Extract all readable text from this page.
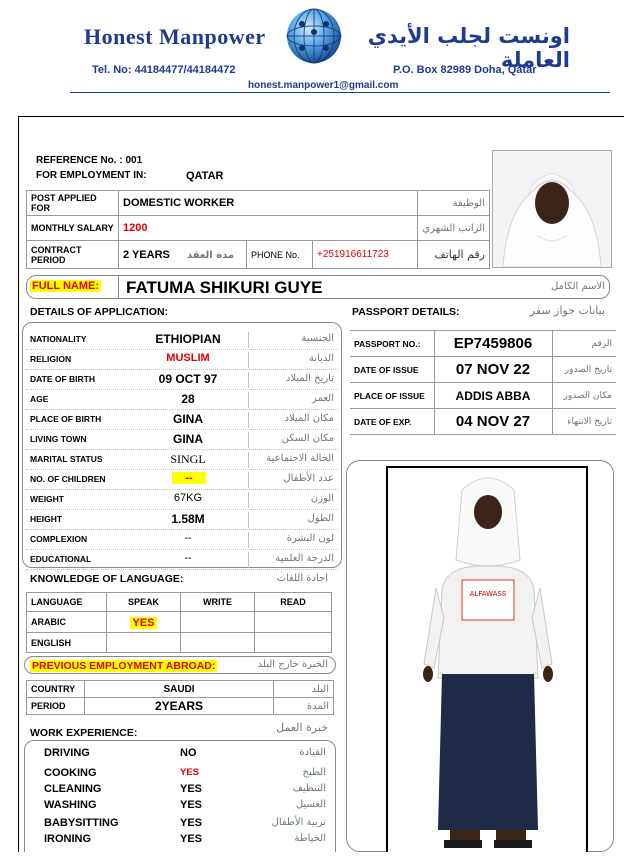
Honest Manpower	اونست لجلب الأيدي العاملة
Tel. No: 44184477/44184472	P.O. Box 82989 Doha, Qatar
honest.manpower1@gmail.com
REFERENCE No. : 001
FOR EMPLOYMENT IN:	QATAR
POST APPLIED FOR	DOMESTIC WORKER			الوظيفة
MONTHLY SALARY	1200			الراتب الشهري
CONTRACT PERIOD	2 YEARS مدة العقد	PHONE No.	+251916611723	رقم الهاتف
FULL NAME: FATUMA SHIKURI GUYE	الاسم الكامل
DETAILS OF APPLICATION:
NATIONALITY	ETHIOPIAN	الجنسية
RELIGION	MUSLIM	الديانة
DATE OF BIRTH	09 OCT 97	تاريخ الميلاد
AGE	28	العمر
PLACE OF BIRTH	GINA	مكان الميلاد
LIVING TOWN	GINA	مكان السكن
MARITAL STATUS	SINGL	الحالة الاجتماعية
NO. OF CHILDREN	--	عدد الأطفال
WEIGHT	67KG	الوزن
HEIGHT	1.58M	الطول
COMPLEXION	--	لون البشرة
EDUCATIONAL	--	الدرجة العلمية
PASSPORT DETAILS:	بيانات جواز سفر
PASSPORT NO.:	EP7459806	الرقم
DATE OF ISSUE	07 NOV 22	تاريخ الصدور
PLACE OF ISSUE	ADDIS ABBA	مكان الصدور
DATE OF EXP.	04 NOV 27	تاريخ الانتهاء
ALFAWASS
KNOWLEDGE OF LANGUAGE:	اجادة اللغات
LANGUAGE	SPEAK	WRITE	READ
ARABIC	YES		
ENGLISH			
PREVIOUS EMPLOYMENT ABROAD:	الخبرة خارج البلد
COUNTRY	SAUDI	البلد
PERIOD	2YEARS	المدة
WORK EXPERIENCE:	خبرة العمل
DRIVING	NO	القيادة
COOKING	YES	الطبخ
CLEANING	YES	التنظيف
WASHING	YES	الغسيل
BABYSITTING	YES	تربية الأطفال
IRONING	YES	الخياطة
